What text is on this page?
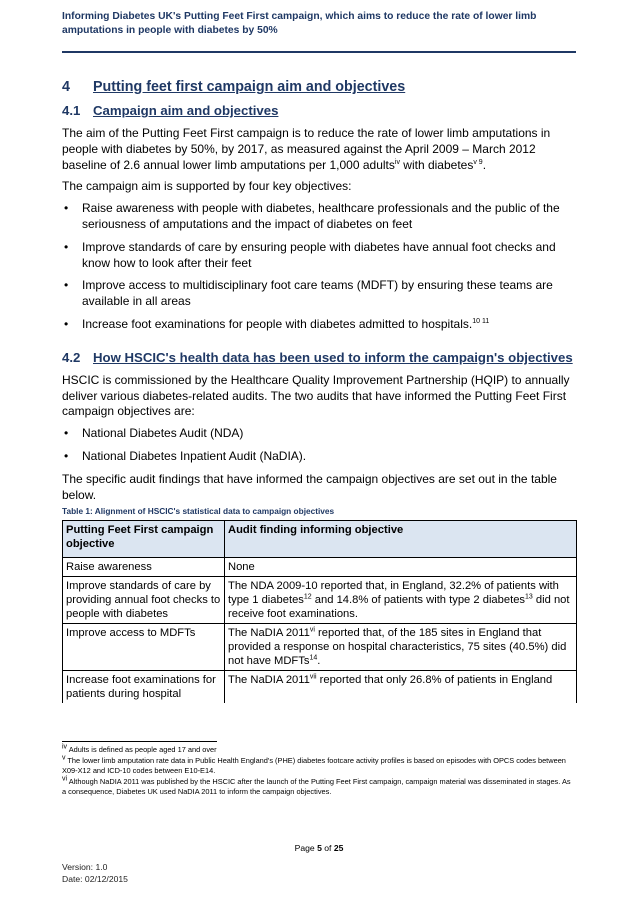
Informing Diabetes UK's Putting Feet First campaign, which aims to reduce the rate of lower limb amputations in people with diabetes by 50%
4 Putting feet first campaign aim and objectives
4.1 Campaign aim and objectives

The aim of the Putting Feet First campaign is to reduce the rate of lower limb amputations in people with diabetes by 50%, by 2017, as measured against the April 2009 – March 2012 baseline of 2.6 annual lower limb amputations per 1,000 adults$^{iv}$ with diabetes$^{v 9}$.

The campaign aim is supported by four key objectives:

• Raise awareness with people with diabetes, healthcare professionals and the public of the seriousness of amputations and the impact of diabetes on feet
• Improve standards of care by ensuring people with diabetes have annual foot checks and know how to look after their feet
• Improve access to multidisciplinary foot care teams (MDFT) by ensuring these teams are available in all areas
• Increase foot examinations for people with diabetes admitted to hospitals.$^{10 11}$
4.2 How HSCIC's health data has been used to inform the campaign's objectives

HSCIC is commissioned by the Healthcare Quality Improvement Partnership (HQIP) to annually deliver various diabetes-related audits. The two audits that have informed the Putting Feet First campaign objectives are:

• National Diabetes Audit (NDA)
• National Diabetes Inpatient Audit (NaDIA).

The specific audit findings that have informed the campaign objectives are set out in the table below.

Table 1: Alignment of HSCIC's statistical data to campaign objectives
Putting Feet First campaign objective	Audit finding informing objective
Raise awareness	None
Improve standards of care by providing annual foot checks to people with diabetes	The NDA 2009-10 reported that, in England, 32.2% of patients with type 1 diabetes$^{12}$ and 14.8% of patients with type 2 diabetes$^{13}$ did not receive foot examinations.
Improve access to MDFTs	The NaDIA 2011$^{vi}$ reported that, of the 185 sites in England that provided a response on hospital characteristics, 75 sites (40.5%) did not have MDFTs$^{14}$.
Increase foot examinations for patients during hospital	The NaDIA 2011$^{vii}$ reported that only 26.8% of patients in England
$^{iv}$ Adults is defined as people aged 17 and over
$^v$ The lower limb amputation rate data in Public Health England's (PHE) diabetes footcare activity profiles is based on episodes with OPCS codes between X09-X12 and ICD-10 codes between E10-E14.
$^{vi}$ Although NaDIA 2011 was published by the HSCIC after the launch of the Putting Feet First campaign, campaign material was disseminated in stages. As a consequence, Diabetes UK used NaDIA 2011 to inform the campaign objectives.
Page 5 of 25
Version: 1.0
Date: 02/12/2015
